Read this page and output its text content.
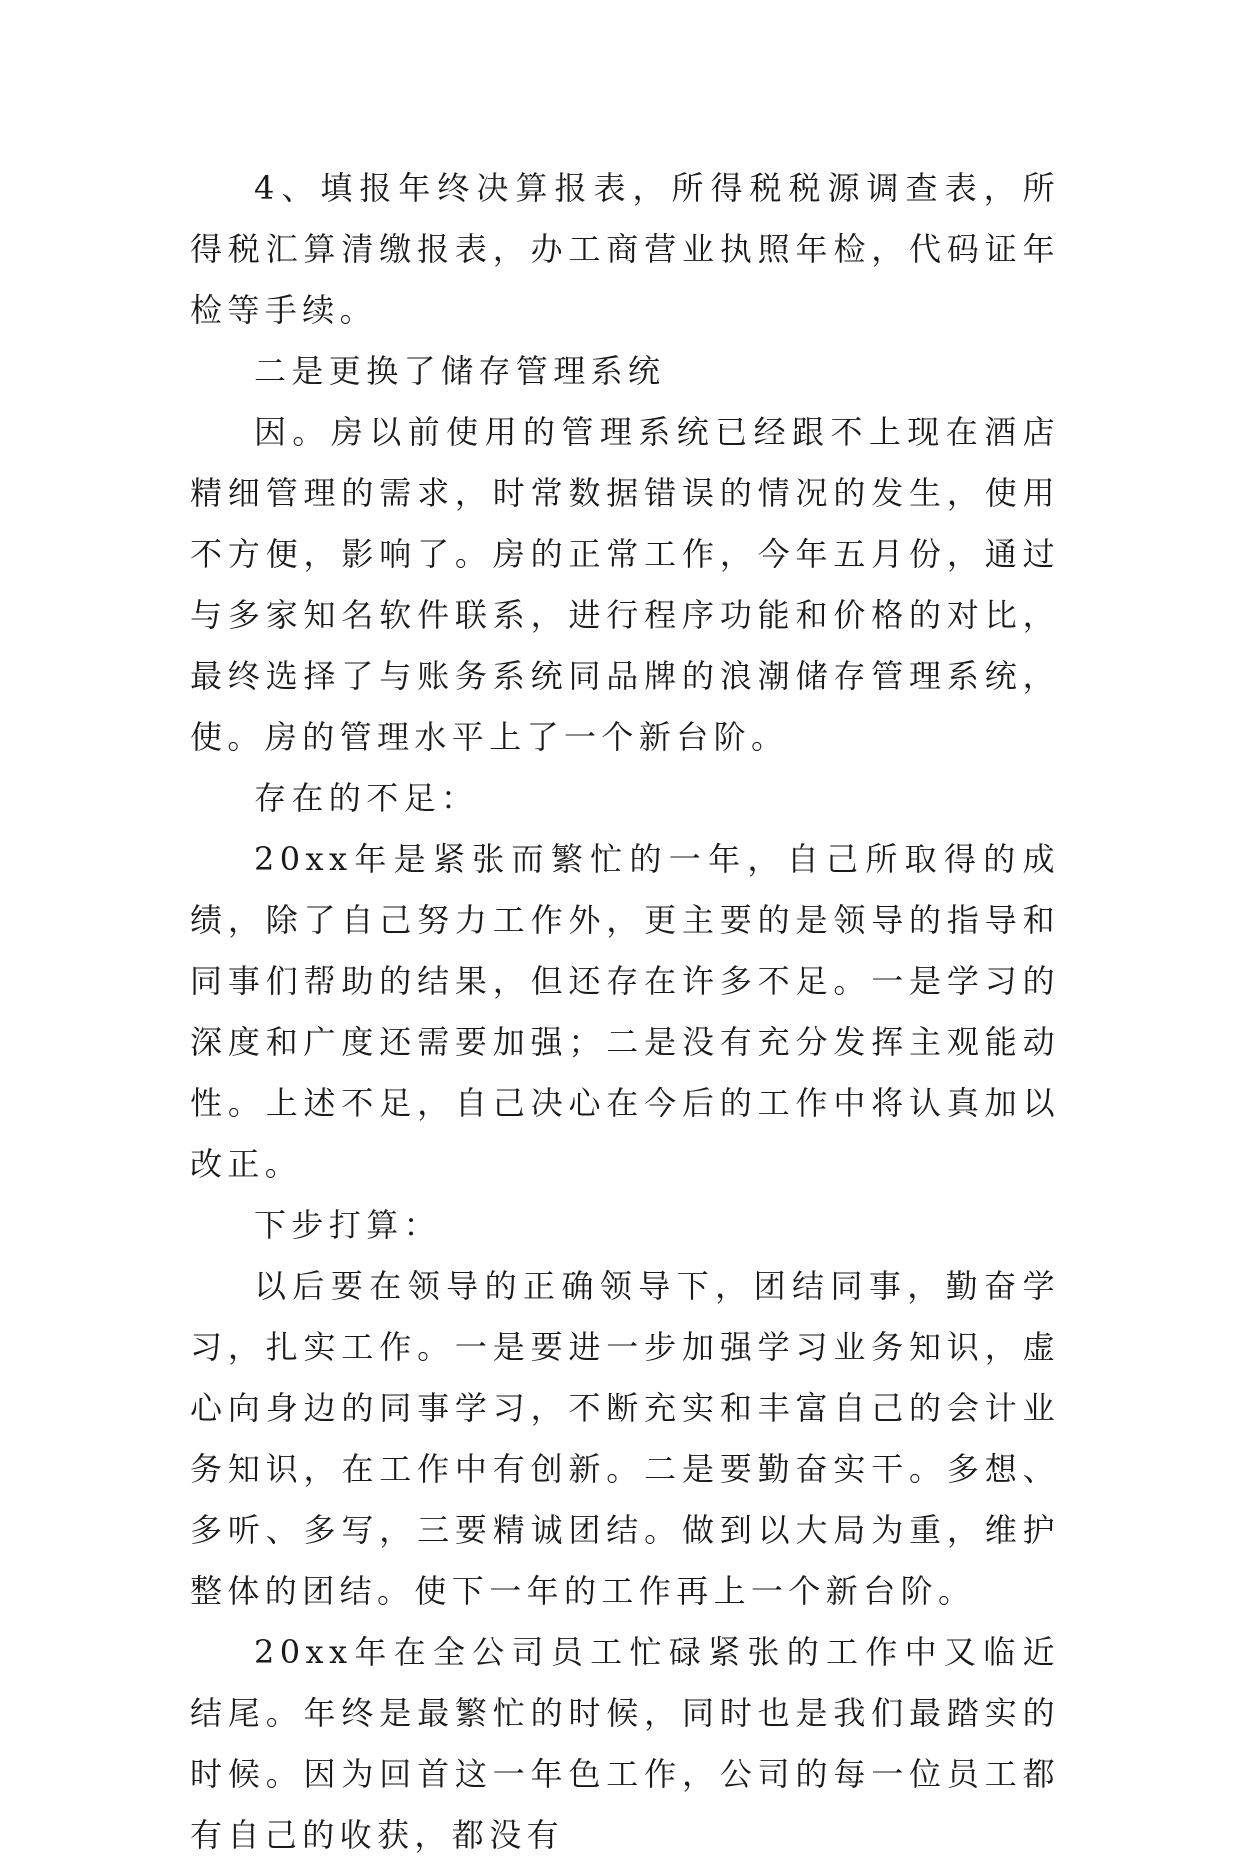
4、填报年终决算报表，所得税税源调查表，所得税汇算清缴报表，办工商营业执照年检，代码证年检等手续。

二是更换了储存管理系统

因。房以前使用的管理系统已经跟不上现在酒店精细管理的需求，时常数据错误的情况的发生，使用不方便，影响了。房的正常工作，今年五月份，通过与多家知名软件联系，进行程序功能和价格的对比，最终选择了与账务系统同品牌的浪潮储存管理系统，使。房的管理水平上了一个新台阶。

存在的不足：

20xx年是紧张而繁忙的一年，自己所取得的成绩，除了自己努力工作外，更主要的是领导的指导和同事们帮助的结果，但还存在许多不足。一是学习的深度和广度还需要加强；二是没有充分发挥主观能动性。上述不足，自己决心在今后的工作中将认真加以改正。

下步打算：

以后要在领导的正确领导下，团结同事，勤奋学习，扎实工作。一是要进一步加强学习业务知识，虚心向身边的同事学习，不断充实和丰富自己的会计业务知识，在工作中有创新。二是要勤奋实干。多想、多听、多写，三要精诚团结。做到以大局为重，维护整体的团结。使下一年的工作再上一个新台阶。

20xx年在全公司员工忙碌紧张的工作中又临近结尾。年终是最繁忙的时候，同时也是我们最踏实的时候。因为回首这一年色工作，公司的每一位员工都有自己的收获，都没有
